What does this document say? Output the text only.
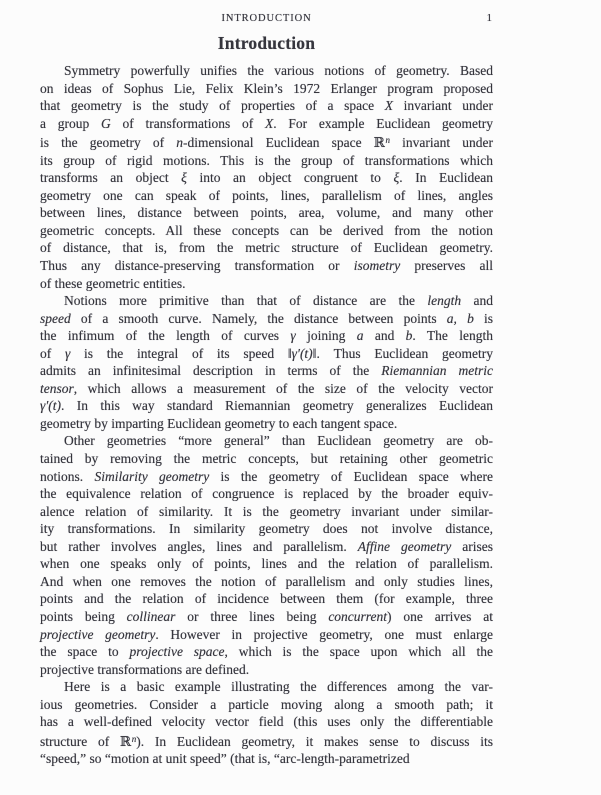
INTRODUCTION	1
Introduction
Symmetry powerfully unifies the various notions of geometry. Based
on ideas of Sophus Lie, Felix Klein’s 1972 Erlanger program proposed
that geometry is the study of properties of a space X invariant under
a group G of transformations of X. For example Euclidean geometry
is the geometry of n-dimensional Euclidean space ℝ$^n$ invariant under
its group of rigid motions. This is the group of transformations which
transforms an object ξ into an object congruent to ξ. In Euclidean
geometry one can speak of points, lines, parallelism of lines, angles
between lines, distance between points, area, volume, and many other
geometric concepts. All these concepts can be derived from the notion
of distance, that is, from the metric structure of Euclidean geometry.
Thus any distance-preserving transformation or isometry preserves all
of these geometric entities.
Notions more primitive than that of distance are the length and
speed of a smooth curve. Namely, the distance between points a, b is
the infimum of the length of curves γ joining a and b. The length
of γ is the integral of its speed ‖γ′(t)‖. Thus Euclidean geometry
admits an infinitesimal description in terms of the Riemannian metric
tensor, which allows a measurement of the size of the velocity vector
γ′(t). In this way standard Riemannian geometry generalizes Euclidean
geometry by imparting Euclidean geometry to each tangent space.
Other geometries “more general” than Euclidean geometry are ob-
tained by removing the metric concepts, but retaining other geometric
notions. Similarity geometry is the geometry of Euclidean space where
the equivalence relation of congruence is replaced by the broader equiv-
alence relation of similarity. It is the geometry invariant under similar-
ity transformations. In similarity geometry does not involve distance,
but rather involves angles, lines and parallelism. Affine geometry arises
when one speaks only of points, lines and the relation of parallelism.
And when one removes the notion of parallelism and only studies lines,
points and the relation of incidence between them (for example, three
points being collinear or three lines being concurrent) one arrives at
projective geometry. However in projective geometry, one must enlarge
the space to projective space, which is the space upon which all the
projective transformations are defined.
Here is a basic example illustrating the differences among the var-
ious geometries. Consider a particle moving along a smooth path; it
has a well-defined velocity vector field (this uses only the differentiable
structure of ℝ$^n$). In Euclidean geometry, it makes sense to discuss its
“speed,” so “motion at unit speed” (that is, “arc-length-parametrized
